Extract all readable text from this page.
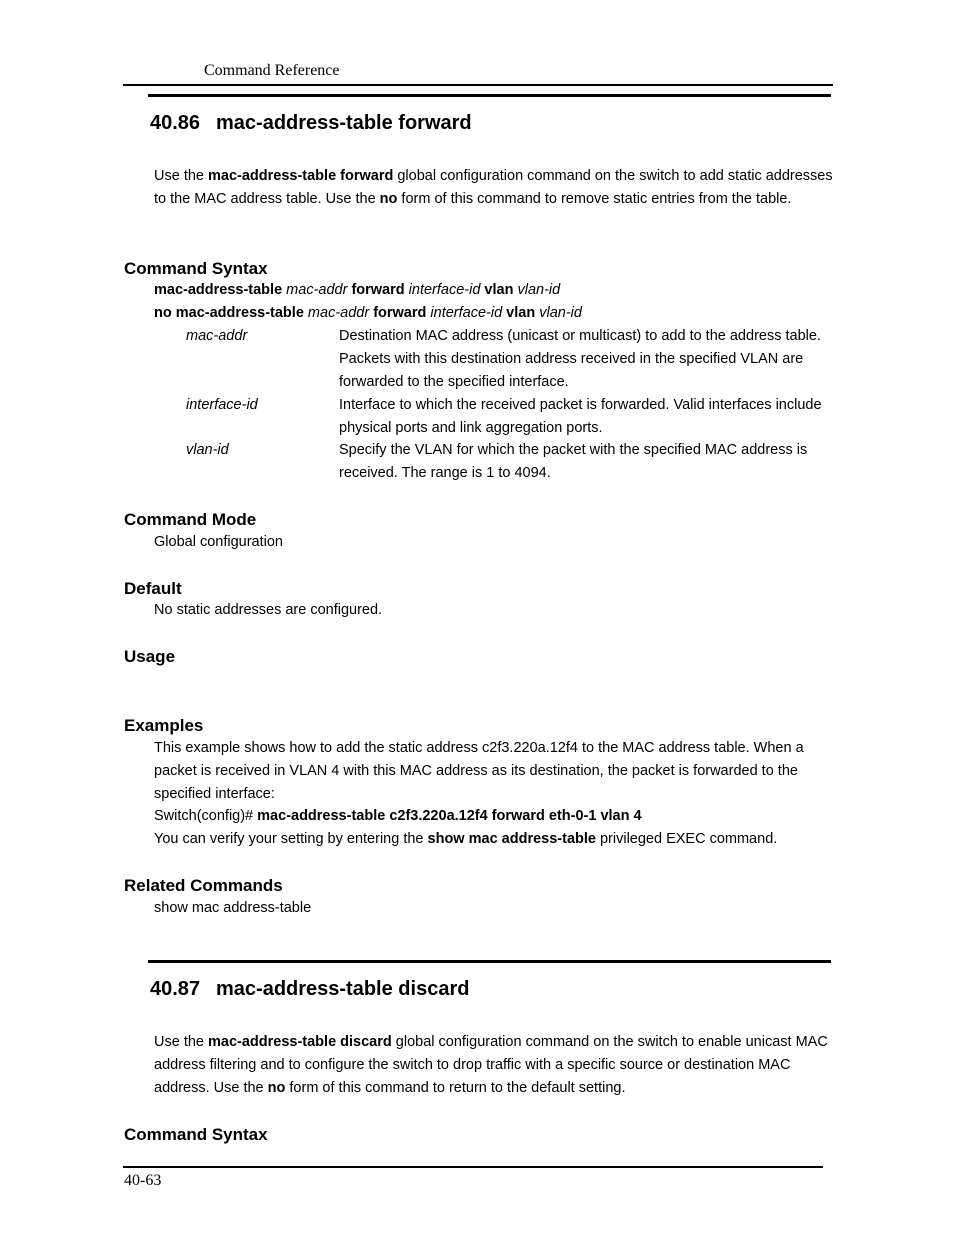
Command Reference
40.86 mac-address-table forward
Use the mac-address-table forward global configuration command on the switch to add static addresses to the MAC address table. Use the no form of this command to remove static entries from the table.
Command Syntax
mac-address-table mac-addr forward interface-id vlan vlan-id
no mac-address-table mac-addr forward interface-id vlan vlan-id
mac-addr	Destination MAC address (unicast or multicast) to add to the address table. Packets with this destination address received in the specified VLAN are forwarded to the specified interface.
interface-id	Interface to which the received packet is forwarded. Valid interfaces include physical ports and link aggregation ports.
vlan-id	Specify the VLAN for which the packet with the specified MAC address is received. The range is 1 to 4094.
Command Mode
Global configuration
Default
No static addresses are configured.
Usage
Examples
This example shows how to add the static address c2f3.220a.12f4 to the MAC address table. When a packet is received in VLAN 4 with this MAC address as its destination, the packet is forwarded to the specified interface:
Switch(config)# mac-address-table c2f3.220a.12f4 forward eth-0-1 vlan 4
You can verify your setting by entering the show mac address-table privileged EXEC command.
Related Commands
show mac address-table
40.87 mac-address-table discard
Use the mac-address-table discard global configuration command on the switch to enable unicast MAC address filtering and to configure the switch to drop traffic with a specific source or destination MAC address. Use the no form of this command to return to the default setting.
Command Syntax
40-63
